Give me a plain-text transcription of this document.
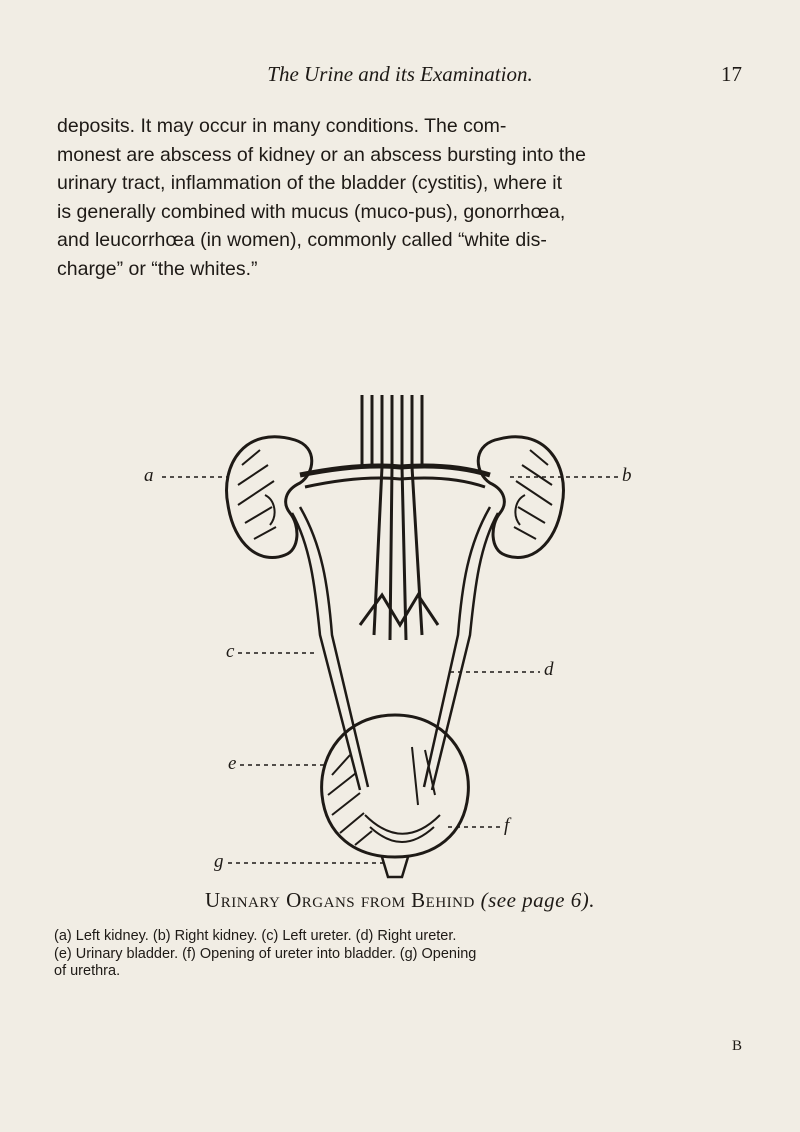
The Urine and its Examination.	17

deposits. It may occur in many conditions. The com-
monest are abscess of kidney or an abscess bursting into the
urinary tract, inflammation of the bladder (cystitis), where it
is generally combined with mucus (muco-pus), gonorrhœa,
and leucorrhœa (in women), commonly called “white dis-
charge” or “the whites.”

a	b
c
d
e
f
g
Urinary Organs from Behind (see page 6).
(a) Left kidney. (b) Right kidney. (c) Left ureter. (d) Right ureter.
(e) Urinary bladder. (f) Opening of ureter into bladder. (g) Opening
of urethra.
B
